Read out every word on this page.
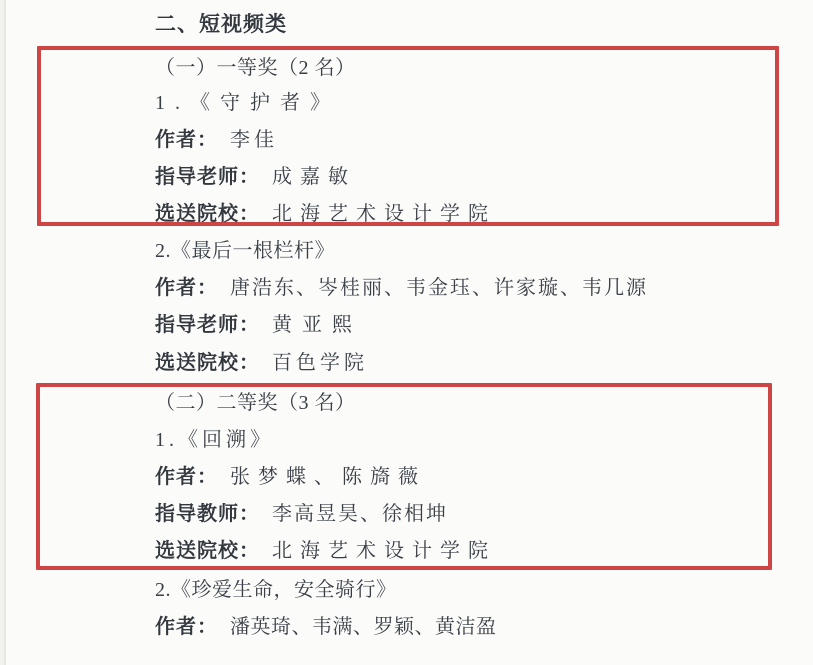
二、短视频类
（一）一等奖（2 名）
1.《守护者》
作者： 李佳
指导老师： 成嘉敏
选送院校： 北海艺术设计学院
2.《最后一根栏杆》
作者： 唐浩东、岑桂丽、韦金珏、许家璇、韦几源
指导老师： 黄亚熙
选送院校： 百色学院
（二）二等奖（3 名）
1.《回溯》
作者： 张梦蝶、陈旖薇
指导教师： 李高昱昊、徐相坤
选送院校： 北海艺术设计学院
2.《珍爱生命，安全骑行》
作者： 潘英琦、韦满、罗颖、黄洁盈
